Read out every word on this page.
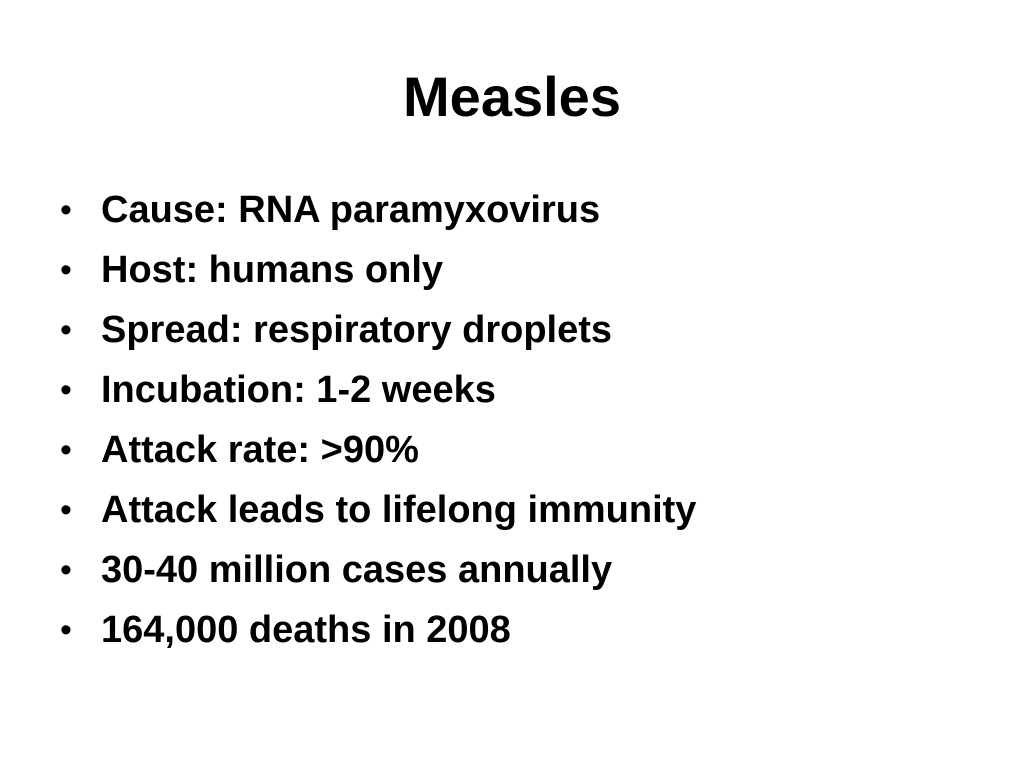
Measles
• Cause: RNA paramyxovirus
• Host: humans only
• Spread: respiratory droplets
• Incubation: 1-2 weeks
• Attack rate: >90%
• Attack leads to lifelong immunity
• 30-40 million cases annually
• 164,000 deaths in 2008
